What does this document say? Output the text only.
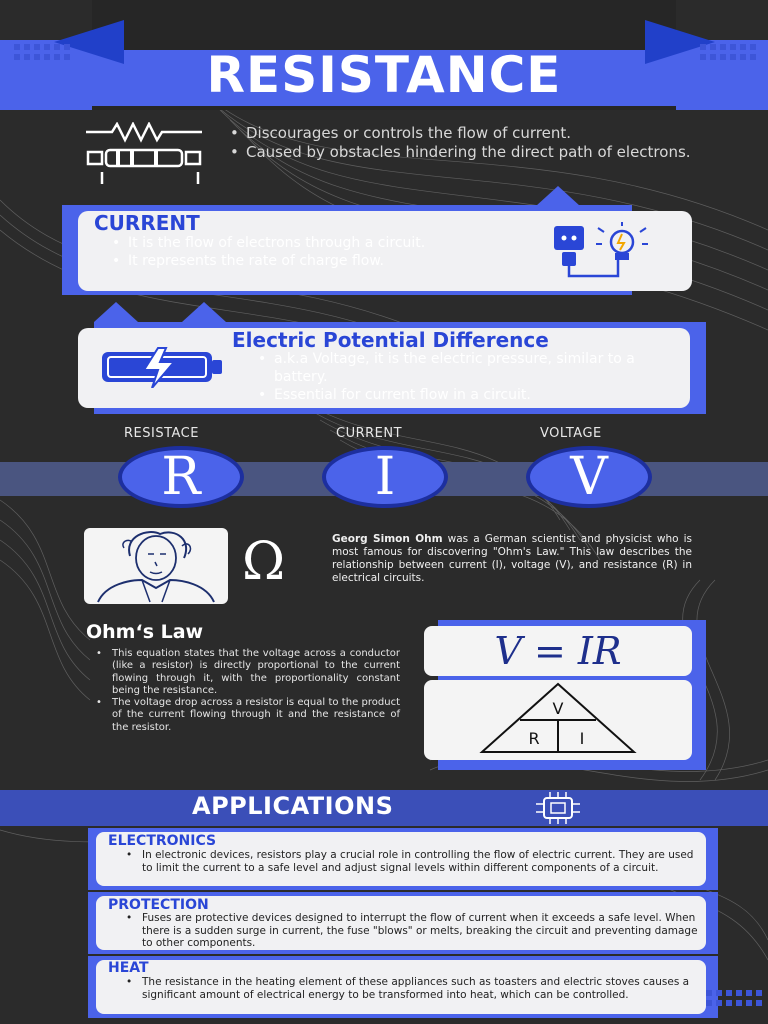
RESISTANCE
• Discourages or controls the flow of current.
• Caused by obstacles hindering the direct path of electrons.
CURRENT
• It is the flow of electrons through a circuit.
• It represents the rate of charge flow.
Electric Potential Difference
• a.k.a Voltage, it is the electric pressure, similar to a battery.
• Essential for current flow in a circuit.
RESISTACE	CURRENT	VOLTAGE
R	I	V
Ω	Georg Simon Ohm was a German scientist and physicist who is most famous for discovering "Ohm's Law." This law describes the relationship between current (I), voltage (V), and resistance (R) in electrical circuits.
Ohm‘s Law
• This equation states that the voltage across a conductor (like a resistor) is directly proportional to the current flowing through it, with the proportionality constant being the resistance.
• The voltage drop across a resistor is equal to the product of the current flowing through it and the resistance of the resistor.
V = IR
V
R	I
APPLICATIONS
ELECTRONICS
• In electronic devices, resistors play a crucial role in controlling the flow of electric current. They are used to limit the current to a safe level and adjust signal levels within different components of a circuit.
PROTECTION
• Fuses are protective devices designed to interrupt the flow of current when it exceeds a safe level. When there is a sudden surge in current, the fuse "blows" or melts, breaking the circuit and preventing damage to other components.
HEAT
• The resistance in the heating element of these appliances such as toasters and electric stoves causes a significant amount of electrical energy to be transformed into heat, which can be controlled.
